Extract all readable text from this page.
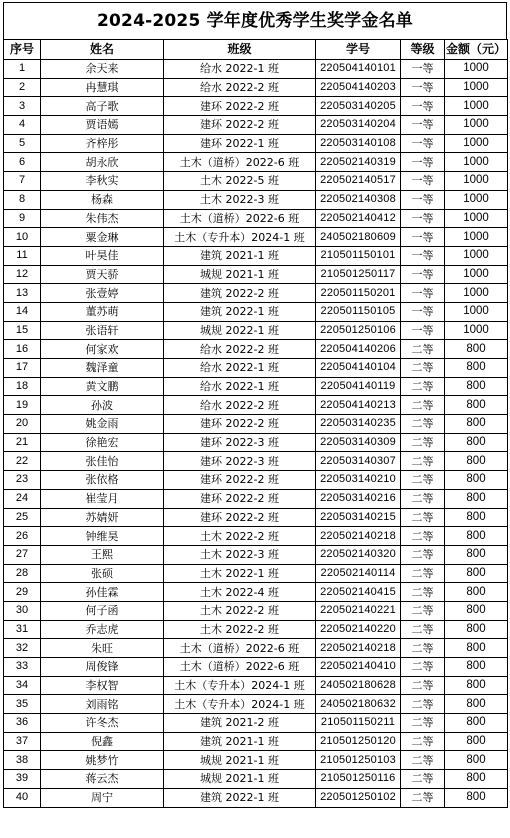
2024-2025 学年度优秀学生奖学金名单
序号	姓名	班级	学号	等级	金额（元）
1	余天来	给水 2022-1 班	220504140101	一等	1000
2	冉慧琪	给水 2022-2 班	220504140203	一等	1000
3	高子歌	建环 2022-2 班	220503140205	一等	1000
4	贾语嫣	建环 2022-2 班	220503140204	一等	1000
5	齐梓彤	建环 2022-1 班	220503140108	一等	1000
6	胡永欣	土木（道桥）2022-6 班	220502140319	一等	1000
7	李秋实	土木 2022-5 班	220502140517	一等	1000
8	杨森	土木 2022-3 班	220502140308	一等	1000
9	朱伟杰	土木（道桥）2022-6 班	220502140412	一等	1000
10	粟金琳	土木（专升本）2024-1 班	240502180609	一等	1000
11	叶昊佳	建筑 2021-1 班	210501150101	一等	1000
12	贾天骄	城规 2021-1 班	210501250117	一等	1000
13	张壹婷	建筑 2022-2 班	220501150201	一等	1000
14	董苏萌	建筑 2022-1 班	220501150105	一等	1000
15	张语轩	城规 2022-1 班	220501250106	一等	1000
16	何家欢	给水 2022-2 班	220504140206	二等	800
17	魏泽童	给水 2022-1 班	220504140104	二等	800
18	黄文鹏	给水 2022-1 班	220504140119	二等	800
19	孙波	给水 2022-2 班	220504140213	二等	800
20	姚金雨	建环 2022-2 班	220503140235	二等	800
21	徐艳宏	建环 2022-3 班	220503140309	二等	800
22	张佳怡	建环 2022-3 班	220503140307	二等	800
23	张依格	建环 2022-2 班	220503140210	二等	800
24	崔莹月	建环 2022-2 班	220503140216	二等	800
25	苏婧妍	建环 2022-2 班	220503140215	二等	800
26	钟维昊	土木 2022-2 班	220502140218	二等	800
27	王熙	土木 2022-3 班	220502140320	二等	800
28	张硕	土木 2022-1 班	220502140114	二等	800
29	孙佳霖	土木 2022-4 班	220502140415	二等	800
30	何子函	土木 2022-2 班	220502140221	二等	800
31	乔志虎	土木 2022-2 班	220502140220	二等	800
32	朱旺	土木（道桥）2022-6 班	220502140218	二等	800
33	周俊锋	土木（道桥）2022-6 班	220502140410	二等	800
34	李权智	土木（专升本）2024-1 班	240502180628	二等	800
35	刘雨铭	土木（专升本）2024-1 班	240502180632	二等	800
36	许冬杰	建筑 2021-2 班	210501150211	二等	800
37	倪鑫	建筑 2021-1 班	210501250120	二等	800
38	姚梦竹	城规 2021-1 班	210501250103	二等	800
39	蒋云杰	城规 2021-1 班	210501250116	二等	800
40	周宁	建筑 2022-1 班	220501250102	二等	800
